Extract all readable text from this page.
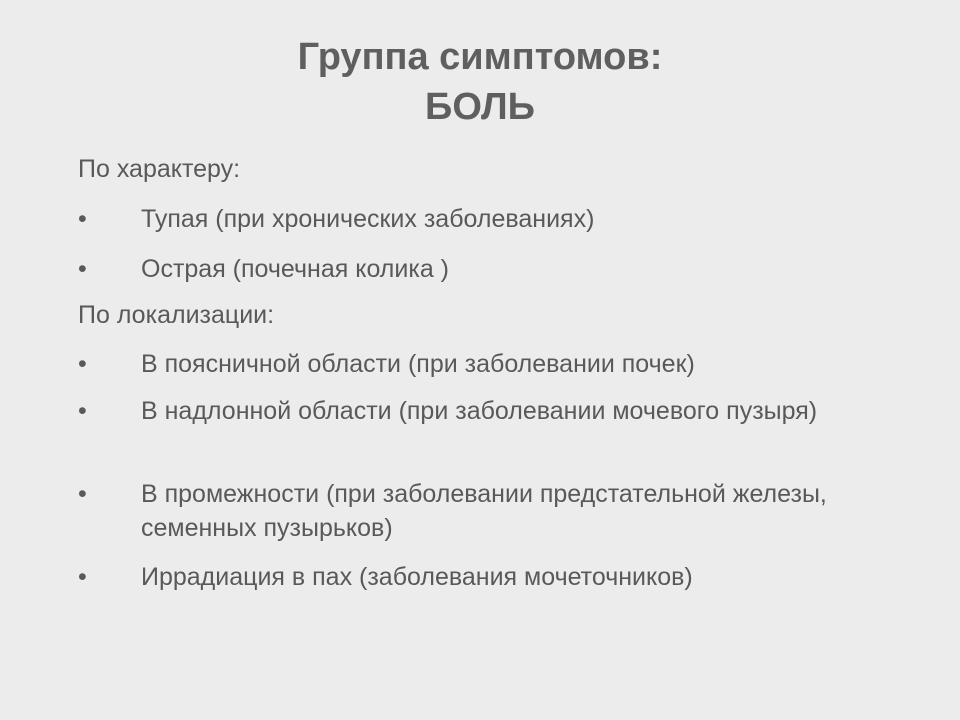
Группа симптомов:
БОЛЬ
По характеру:
•	Тупая (при хронических заболеваниях)
•	Острая (почечная колика )
По локализации:
•	В поясничной области (при заболевании почек)
•	В надлонной области (при заболевании мочевого пузыря)
•	В промежности (при заболевании предстательной железы, семенных пузырьков)
•	Иррадиация в пах (заболевания мочеточников)
